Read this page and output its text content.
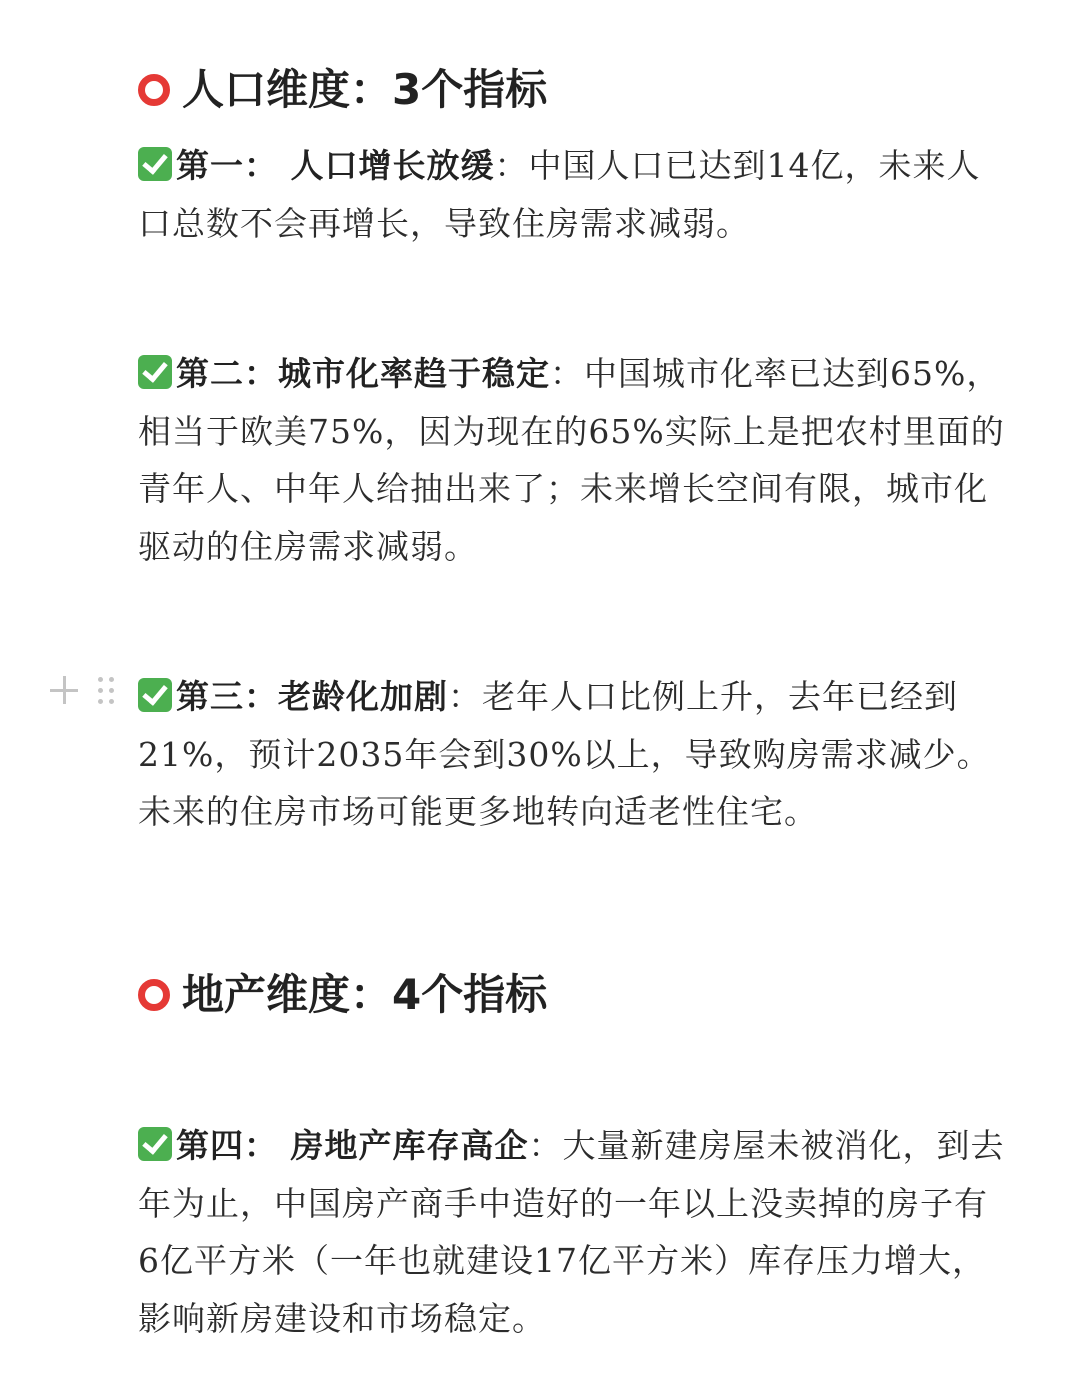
人口维度：3个指标
第一： 人口增长放缓：中国人口已达到14亿，未来人口总数不会再增长，导致住房需求减弱。
第二：城市化率趋于稳定：中国城市化率已达到65%，相当于欧美75%，因为现在的65%实际上是把农村里面的青年人、中年人给抽出来了；未来增长空间有限，城市化驱动的住房需求减弱。
第三：老龄化加剧：老年人口比例上升，去年已经到21%，预计2035年会到30%以上，导致购房需求减少。未来的住房市场可能更多地转向适老性住宅。
地产维度：4个指标
第四： 房地产库存高企：大量新建房屋未被消化，到去年为止，中国房产商手中造好的一年以上没卖掉的房子有6亿平方米（一年也就建设17亿平方米）库存压力增大，影响新房建设和市场稳定。
